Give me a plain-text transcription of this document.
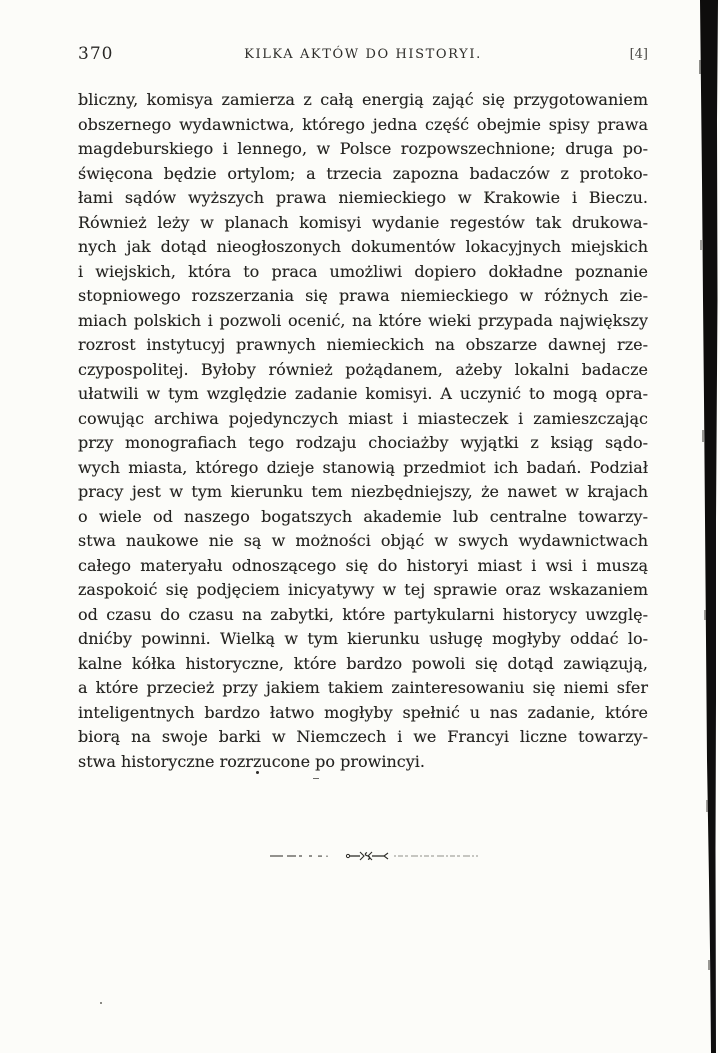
370	KILKA AKTÓW DO HISTORYI.	[4]
bliczny, komisya zamierza z całą energią zająć się przygotowaniem
obszernego wydawnictwa, którego jedna część obejmie spisy prawa
magdeburskiego i lennego, w Polsce rozpowszechnione; druga po-
święcona będzie ortylom; a trzecia zapozna badaczów z protoko-
łami sądów wyższych prawa niemieckiego w Krakowie i Bieczu.
Również leży w planach komisyi wydanie regestów tak drukowa-
nych jak dotąd nieogłoszonych dokumentów lokacyjnych miejskich
i wiejskich, która to praca umożliwi dopiero dokładne poznanie
stopniowego rozszerzania się prawa niemieckiego w różnych zie-
miach polskich i pozwoli ocenić, na które wieki przypada największy
rozrost instytucyj prawnych niemieckich na obszarze dawnej rze-
czypospolitej. Byłoby również pożądanem, ażeby lokalni badacze
ułatwili w tym względzie zadanie komisyi. A uczynić to mogą opra-
cowując archiwa pojedynczych miast i miasteczek i zamieszczając
przy monografiach tego rodzaju chociażby wyjątki z ksiąg sądo-
wych miasta, którego dzieje stanowią przedmiot ich badań. Podział
pracy jest w tym kierunku tem niezbędniejszy, że nawet w krajach
o wiele od naszego bogatszych akademie lub centralne towarzy-
stwa naukowe nie są w możności objąć w swych wydawnictwach
całego materyału odnoszącego się do historyi miast i wsi i muszą
zaspokoić się podjęciem inicyatywy w tej sprawie oraz wskazaniem
od czasu do czasu na zabytki, które partykularni historycy uwzglę-
dnićby powinni. Wielką w tym kierunku usługę mogłyby oddać lo-
kalne kółka historyczne, które bardzo powoli się dotąd zawiązują,
a które przecież przy jakiem takiem zainteresowaniu się niemi sfer
inteligentnych bardzo łatwo mogłyby spełnić u nas zadanie, które
biorą na swoje barki w Niemczech i we Francyi liczne towarzy-
stwa historyczne rozrzucone po prowincyi.
